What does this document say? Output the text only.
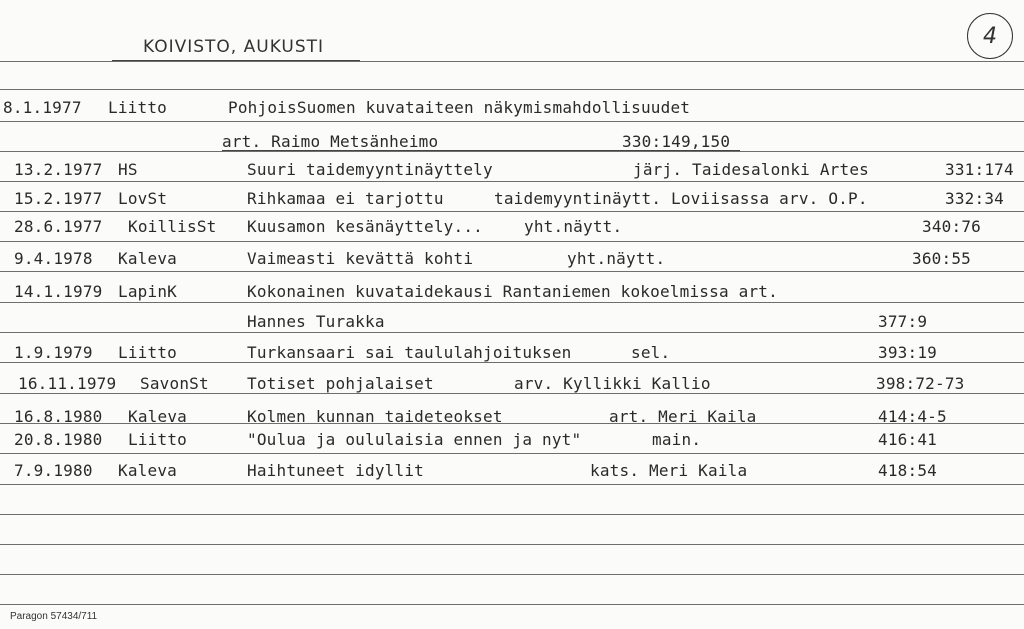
KOIVISTO, AUKUSTI	4
8.1.1977 Liitto	PohjoisSuomen kuvataiteen näkymismahdollisuudet
art. Raimo Metsänheimo	330:149,150
13.2.1977 HS	Suuri taidemyyntinäyttely	järj. Taidesalonki Artes	331:174
15.2.1977 LovSt	Rihkamaa ei tarjottu	taidemyyntinäytt. Loviisassa arv. O.P.	332:34
28.6.1977 KoillisSt Kuusamon kesänäyttely...	yht.näytt.	340:76
9.4.1978 Kaleva	Vaimeasti kevättä kohti	yht.näytt.	360:55
14.1.1979 LapinK	Kokonainen kuvataidekausi Rantaniemen kokoelmissa art.
Hannes Turakka	377:9
1.9.1979 Liitto	Turkansaari sai taululahjoituksen	sel.	393:19
16.11.1979 SavonSt Totiset pohjalaiset	arv. Kyllikki Kallio	398:72-73
16.8.1980 Kaleva	Kolmen kunnan taideteokset	art. Meri Kaila	414:4-5
20.8.1980 Liitto	"Oulua ja oululaisia ennen ja nyt"	main.	416:41
7.9.1980 Kaleva	Haihtuneet idyllit	kats. Meri Kaila	418:54
Paragon 57434/711
